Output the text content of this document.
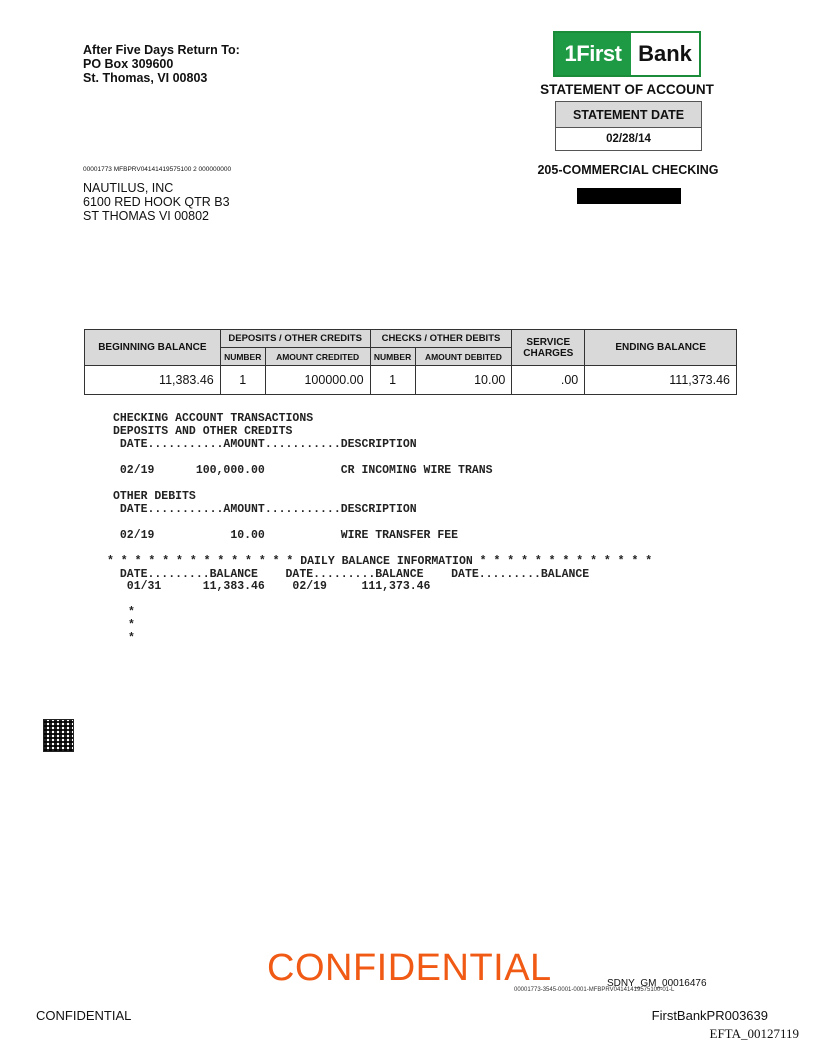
After Five Days Return To:
PO Box 309600
St. Thomas, VI 00803
1First Bank
STATEMENT OF ACCOUNT
STATEMENT DATE
02/28/14
205-COMMERCIAL CHECKING
00001773 MFBPRV04141419575100 2 000000000
NAUTILUS, INC
6100 RED HOOK QTR B3
ST THOMAS VI 00802
BEGINNING BALANCE	DEPOSITS / OTHER CREDITS		CHECKS / OTHER DEBITS		SERVICE CHARGES	ENDING BALANCE
	NUMBER	AMOUNT CREDITED	NUMBER	AMOUNT DEBITED		
11,383.46	1	100000.00	1	10.00	.00	111,373.46
CHECKING ACCOUNT TRANSACTIONS
DEPOSITS AND OTHER CREDITS
DATE...........AMOUNT...........DESCRIPTION
02/19      100,000.00           CR INCOMING WIRE TRANS
OTHER DEBITS
DATE...........AMOUNT...........DESCRIPTION
02/19           10.00           WIRE TRANSFER FEE
* * * * * * * * * * * * * * DAILY BALANCE INFORMATION * * * * * * * * * * * * *
DATE.........BALANCE    DATE.........BALANCE    DATE.........BALANCE
01/31      11,383.46    02/19     111,373.46
*
*
*
CONFIDENTIAL	SDNY_GM_00016476
00001773-3545-0001-0001-MFBPRV04141419575100-01-L
CONFIDENTIAL	FirstBankPR003639
EFTA_00127119
